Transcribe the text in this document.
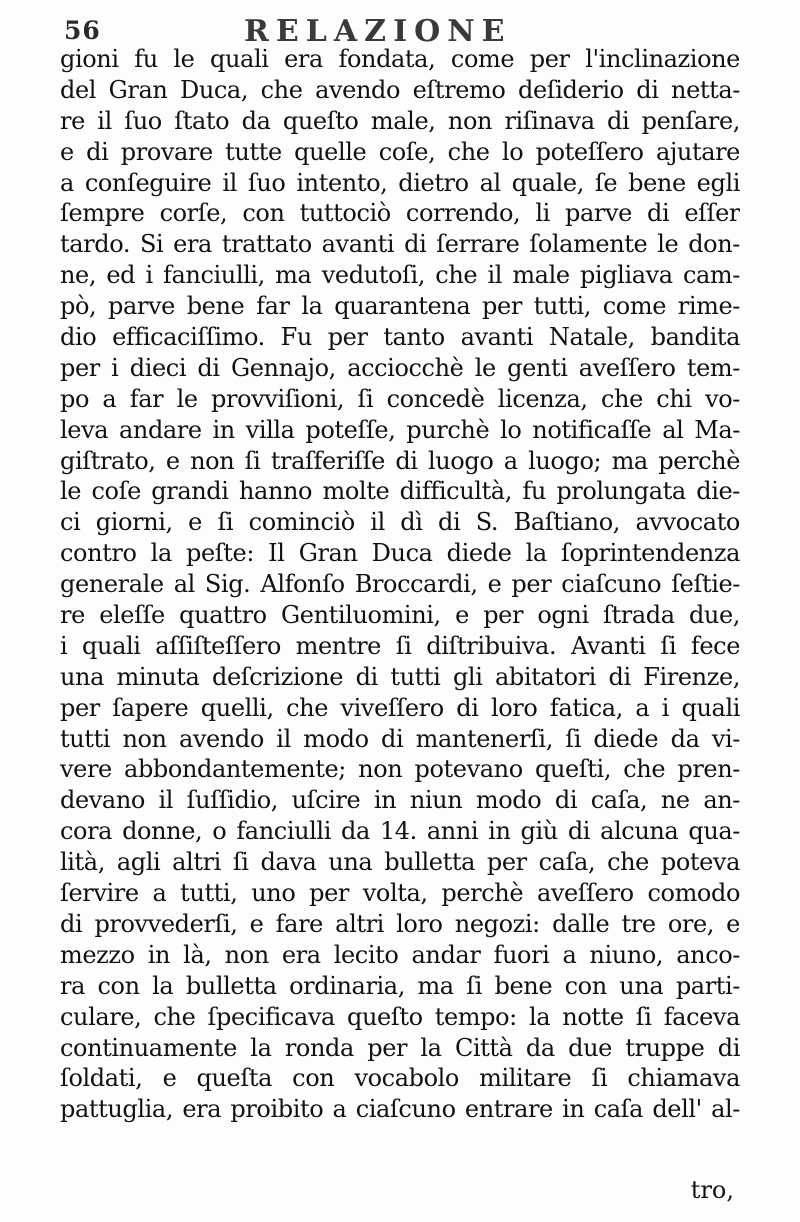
56	RELAZIONE
gioni fu le quali era fondata, come per l'inclinazione
del Gran Duca, che avendo eſtremo deſiderio di netta-
re il ſuo ſtato da queſto male, non riſinava di penſare,
e di provare tutte quelle coſe, che lo poteſſero ajutare
a conſeguire il ſuo intento, dietro al quale, ſe bene egli
ſempre corſe, con tuttociò correndo, li parve di eſſer
tardo. Si era trattato avanti di ſerrare ſolamente le don-
ne, ed i fanciulli, ma vedutoſi, che il male pigliava cam-
pò, parve bene far la quarantena per tutti, come rime-
dio efficaciſſimo. Fu per tanto avanti Natale, bandita
per i dieci di Gennajo, acciocchè le genti aveſſero tem-
po a far le provviſioni, ſi concedè licenza, che chi vo-
leva andare in villa poteſſe, purchè lo notificaſſe al Ma-
giſtrato, e non ſi traſferiſſe di luogo a luogo; ma perchè
le coſe grandi hanno molte difficultà, fu prolungata die-
ci giorni, e ſi cominciò il dì di S. Baſtiano, avvocato
contro la peſte: Il Gran Duca diede la ſoprintendenza
generale al Sig. Alfonſo Broccardi, e per ciaſcuno ſeſtie-
re eleſſe quattro Gentiluomini, e per ogni ſtrada due,
i quali aſſiſteſſero mentre ſi diſtribuiva. Avanti ſi fece
una minuta deſcrizione di tutti gli abitatori di Firenze,
per ſapere quelli, che viveſſero di loro fatica, a i quali
tutti non avendo il modo di mantenerſi, ſi diede da vi-
vere abbondantemente; non potevano queſti, che pren-
devano il ſuſſidio, uſcire in niun modo di caſa, ne an-
cora donne, o fanciulli da 14. anni in giù di alcuna qua-
lità, agli altri ſi dava una bulletta per caſa, che poteva
ſervire a tutti, uno per volta, perchè aveſſero comodo
di provvederſi, e fare altri loro negozi: dalle tre ore, e
mezzo in là, non era lecito andar fuori a niuno, anco-
ra con la bulletta ordinaria, ma ſi bene con una parti-
culare, che ſpecificava queſto tempo: la notte ſi faceva
continuamente la ronda per la Città da due truppe di
ſoldati, e queſta con vocabolo militare ſi chiamava
pattuglia, era proibito a ciaſcuno entrare in caſa dell' al-
tro,
